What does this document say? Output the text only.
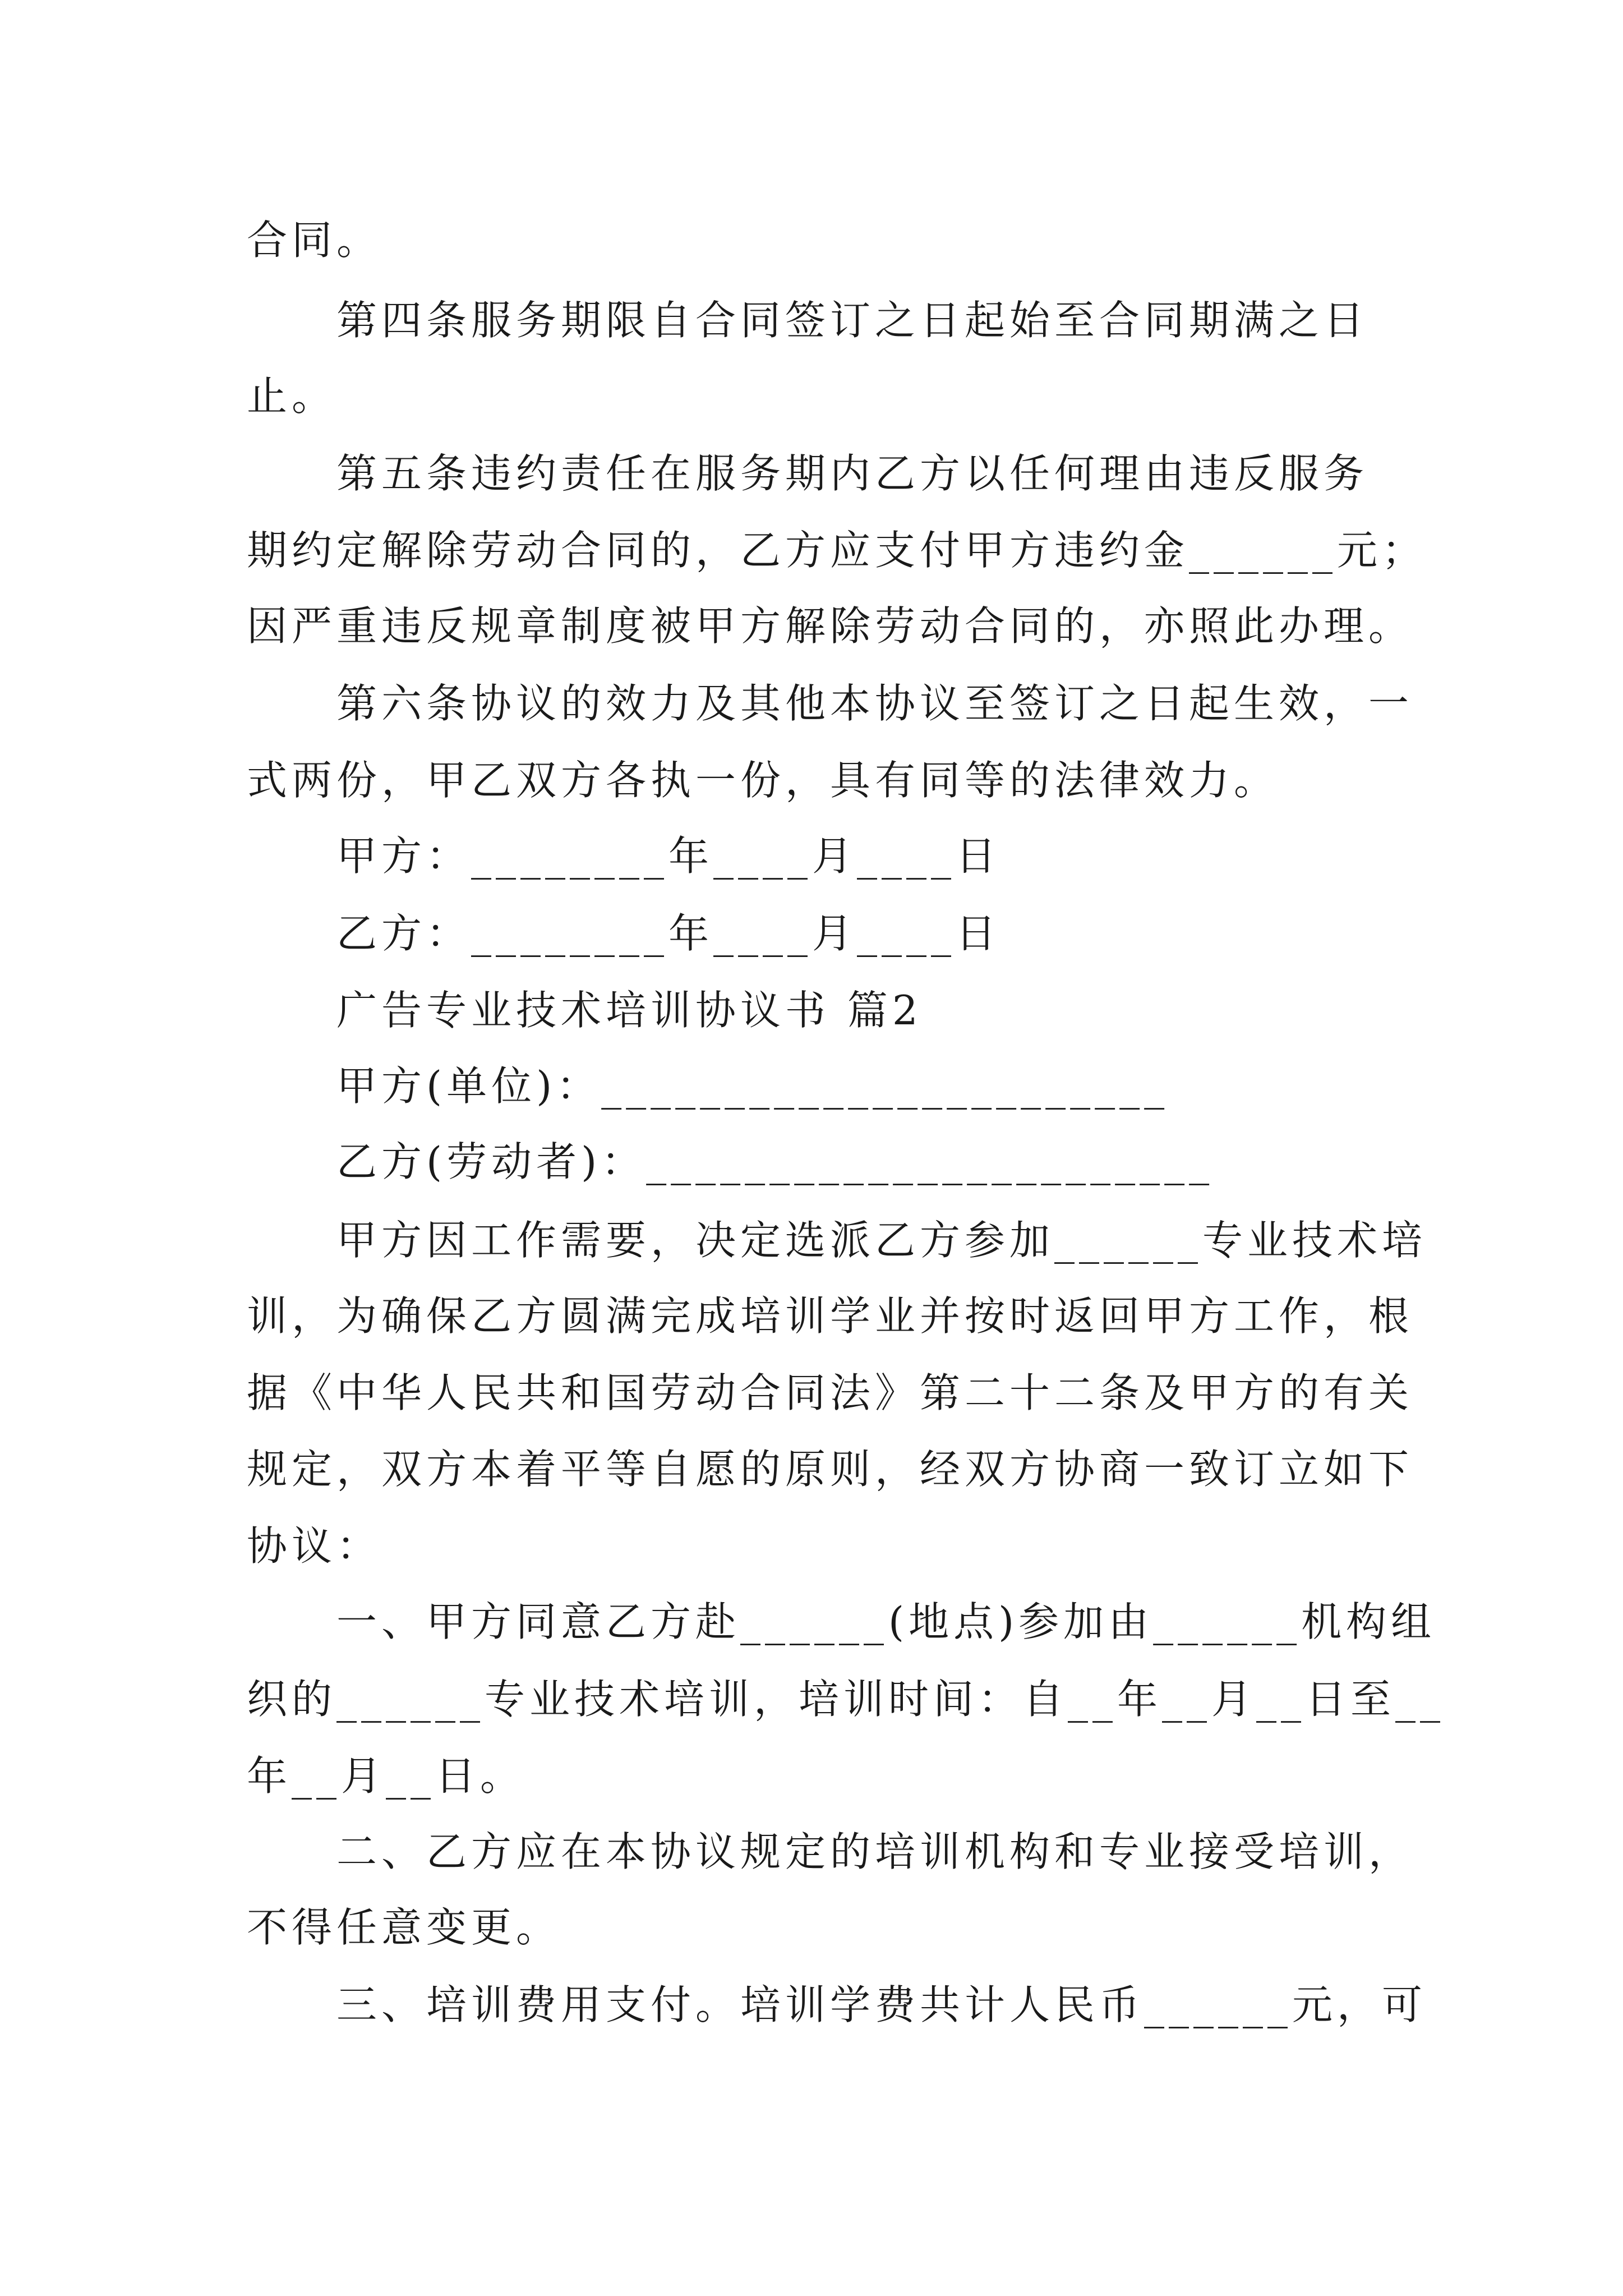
合同。
第四条服务期限自合同签订之日起始至合同期满之日
止。
第五条违约责任在服务期内乙方以任何理由违反服务
期约定解除劳动合同的，乙方应支付甲方违约金______元；
因严重违反规章制度被甲方解除劳动合同的，亦照此办理。
第六条协议的效力及其他本协议至签订之日起生效，一
式两份，甲乙双方各执一份，具有同等的法律效力。
甲方：________年____月____日
乙方：________年____月____日
广告专业技术培训协议书 篇2
甲方(单位)：_______________________
乙方(劳动者)：_______________________
甲方因工作需要，决定选派乙方参加______专业技术培
训，为确保乙方圆满完成培训学业并按时返回甲方工作，根
据《中华人民共和国劳动合同法》第二十二条及甲方的有关
规定，双方本着平等自愿的原则，经双方协商一致订立如下
协议：
一、甲方同意乙方赴______(地点)参加由______机构组
织的______专业技术培训，培训时间：自__年__月__日至__
年__月__日。
二、乙方应在本协议规定的培训机构和专业接受培训，
不得任意变更。
三、培训费用支付。培训学费共计人民币______元，可
